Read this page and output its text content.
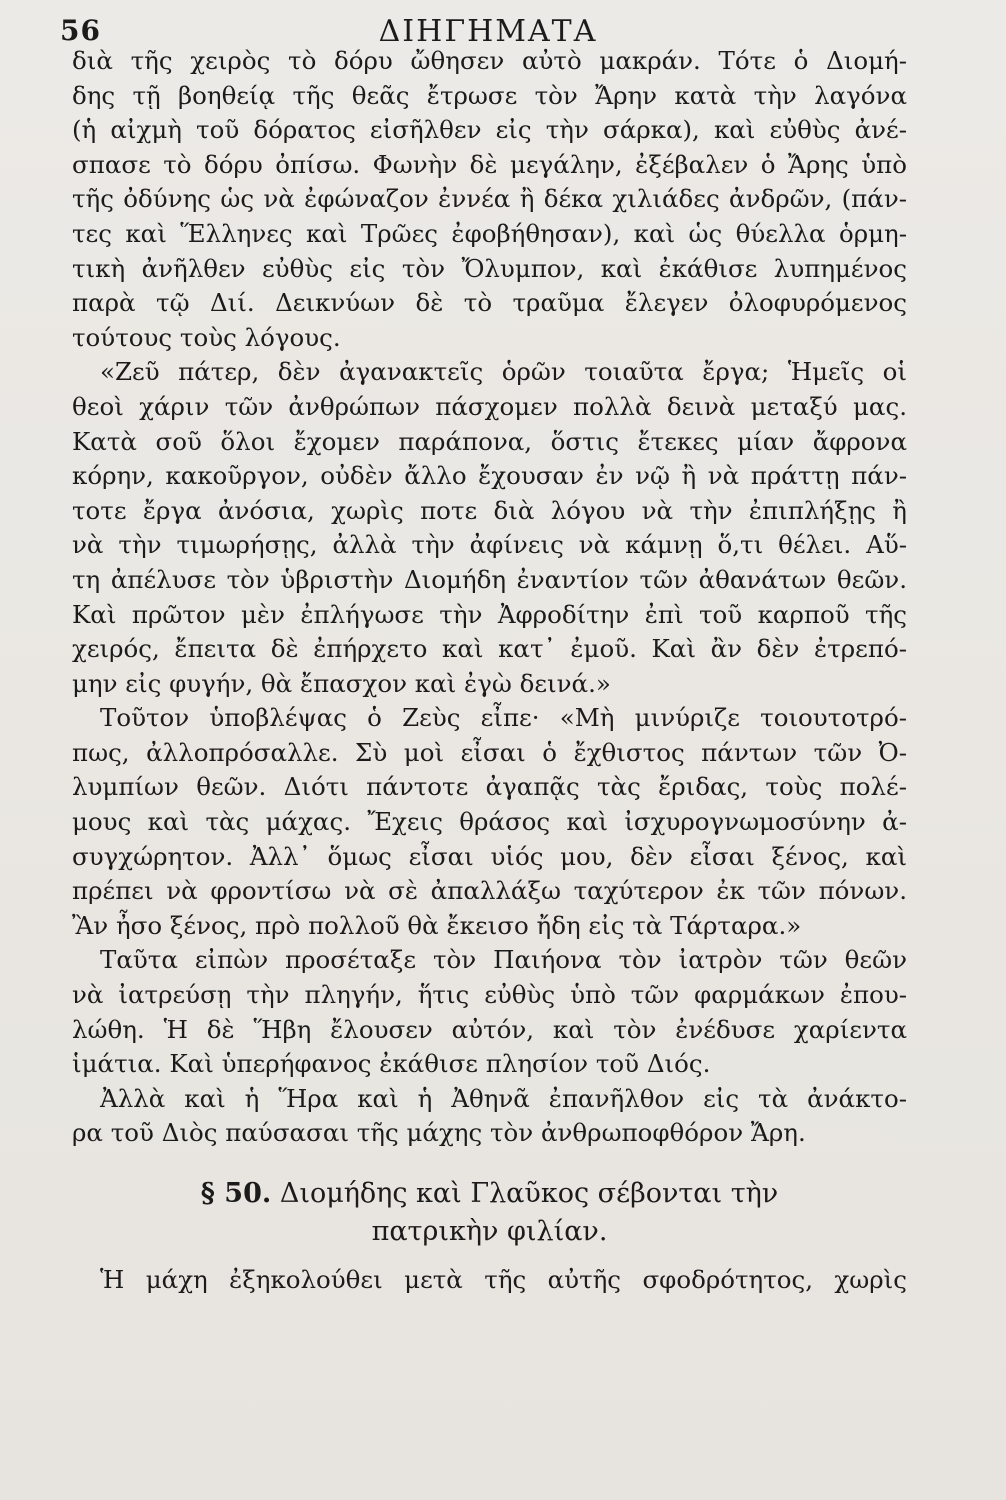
56	ΔΙΗΓΗΜΑΤΑ
διὰ τῆς χειρὸς τὸ δόρυ ὤθησεν αὐτὸ μακράν. Τότε ὁ Διομή-
δης τῇ βοηθείᾳ τῆς θεᾶς ἔτρωσε τὸν Ἄρην κατὰ τὴν λαγόνα
(ἡ αἰχμὴ τοῦ δόρατος εἰσῆλθεν εἰς τὴν σάρκα), καὶ εὐθὺς ἀνέ-
σπασε τὸ δόρυ ὀπίσω. Φωνὴν δὲ μεγάλην, ἐξέβαλεν ὁ Ἄρης ὑπὸ
τῆς ὀδύνης ὡς νὰ ἐφώναζον ἐννέα ἢ δέκα χιλιάδες ἀνδρῶν, (πάν-
τες καὶ Ἕλληνες καὶ Τρῶες ἐφοβήθησαν), καὶ ὡς θύελλα ὁρμη-
τικὴ ἀνῆλθεν εὐθὺς εἰς τὸν Ὄλυμπον, καὶ ἐκάθισε λυπημένος
παρὰ τῷ Διί. Δεικνύων δὲ τὸ τραῦμα ἔλεγεν ὀλοφυρόμενος
τούτους τοὺς λόγους.
«Ζεῦ πάτερ, δὲν ἀγανακτεῖς ὁρῶν τοιαῦτα ἔργα; Ἡμεῖς οἱ
θεοὶ χάριν τῶν ἀνθρώπων πάσχομεν πολλὰ δεινὰ μεταξύ μας.
Κατὰ σοῦ ὅλοι ἔχομεν παράπονα, ὅστις ἔτεκες μίαν ἄφρονα
κόρην, κακοῦργον, οὐδὲν ἄλλο ἔχουσαν ἐν νῷ ἢ νὰ πράττῃ πάν-
τοτε ἔργα ἀνόσια, χωρὶς ποτε διὰ λόγου νὰ τὴν ἐπιπλήξῃς ἢ
νὰ τὴν τιμωρήσῃς, ἀλλὰ τὴν ἀφίνεις νὰ κάμνῃ ὅ,τι θέλει. Αὕ-
τη ἀπέλυσε τὸν ὑβριστὴν Διομήδη ἐναντίον τῶν ἀθανάτων θεῶν.
Καὶ πρῶτον μὲν ἐπλήγωσε τὴν Ἀφροδίτην ἐπὶ τοῦ καρποῦ τῆς
χειρός, ἔπειτα δὲ ἐπήρχετο καὶ κατ᾽ ἐμοῦ. Καὶ ἂν δὲν ἐτρεπό-
μην εἰς φυγήν, θὰ ἔπασχον καὶ ἐγὼ δεινά.»
Τοῦτον ὑποβλέψας ὁ Ζεὺς εἶπε· «Μὴ μινύριζε τοιουτοτρό-
πως, ἀλλοπρόσαλλε. Σὺ μοὶ εἶσαι ὁ ἔχθιστος πάντων τῶν Ὀ-
λυμπίων θεῶν. Διότι πάντοτε ἀγαπᾷς τὰς ἔριδας, τοὺς πολέ-
μους καὶ τὰς μάχας. Ἔχεις θράσος καὶ ἰσχυρογνωμοσύνην ἀ-
συγχώρητον. Ἀλλ᾽ ὅμως εἶσαι υἱός μου, δὲν εἶσαι ξένος, καὶ
πρέπει νὰ φροντίσω νὰ σὲ ἀπαλλάξω ταχύτερον ἐκ τῶν πόνων.
Ἂν ἦσο ξένος, πρὸ πολλοῦ θὰ ἔκεισο ἤδη εἰς τὰ Τάρταρα.»
Ταῦτα εἰπὼν προσέταξε τὸν Παιήονα τὸν ἰατρὸν τῶν θεῶν
νὰ ἰατρεύσῃ τὴν πληγήν, ἥτις εὐθὺς ὑπὸ τῶν φαρμάκων ἐπου-
λώθη. Ἡ δὲ Ἥβη ἔλουσεν αὐτόν, καὶ τὸν ἐνέδυσε χαρίεντα
ἱμάτια. Καὶ ὑπερήφανος ἐκάθισε πλησίον τοῦ Διός.
Ἀλλὰ καὶ ἡ Ἥρα καὶ ἡ Ἀθηνᾶ ἐπανῆλθον εἰς τὰ ἀνάκτο-
ρα τοῦ Διὸς παύσασαι τῆς μάχης τὸν ἀνθρωποφθόρον Ἄρη.
§ 50. Διομήδης καὶ Γλαῦκος σέβονται τὴν
πατρικὴν φιλίαν.
Ἡ μάχη ἐξηκολούθει μετὰ τῆς αὐτῆς σφοδρότητος, χωρὶς
